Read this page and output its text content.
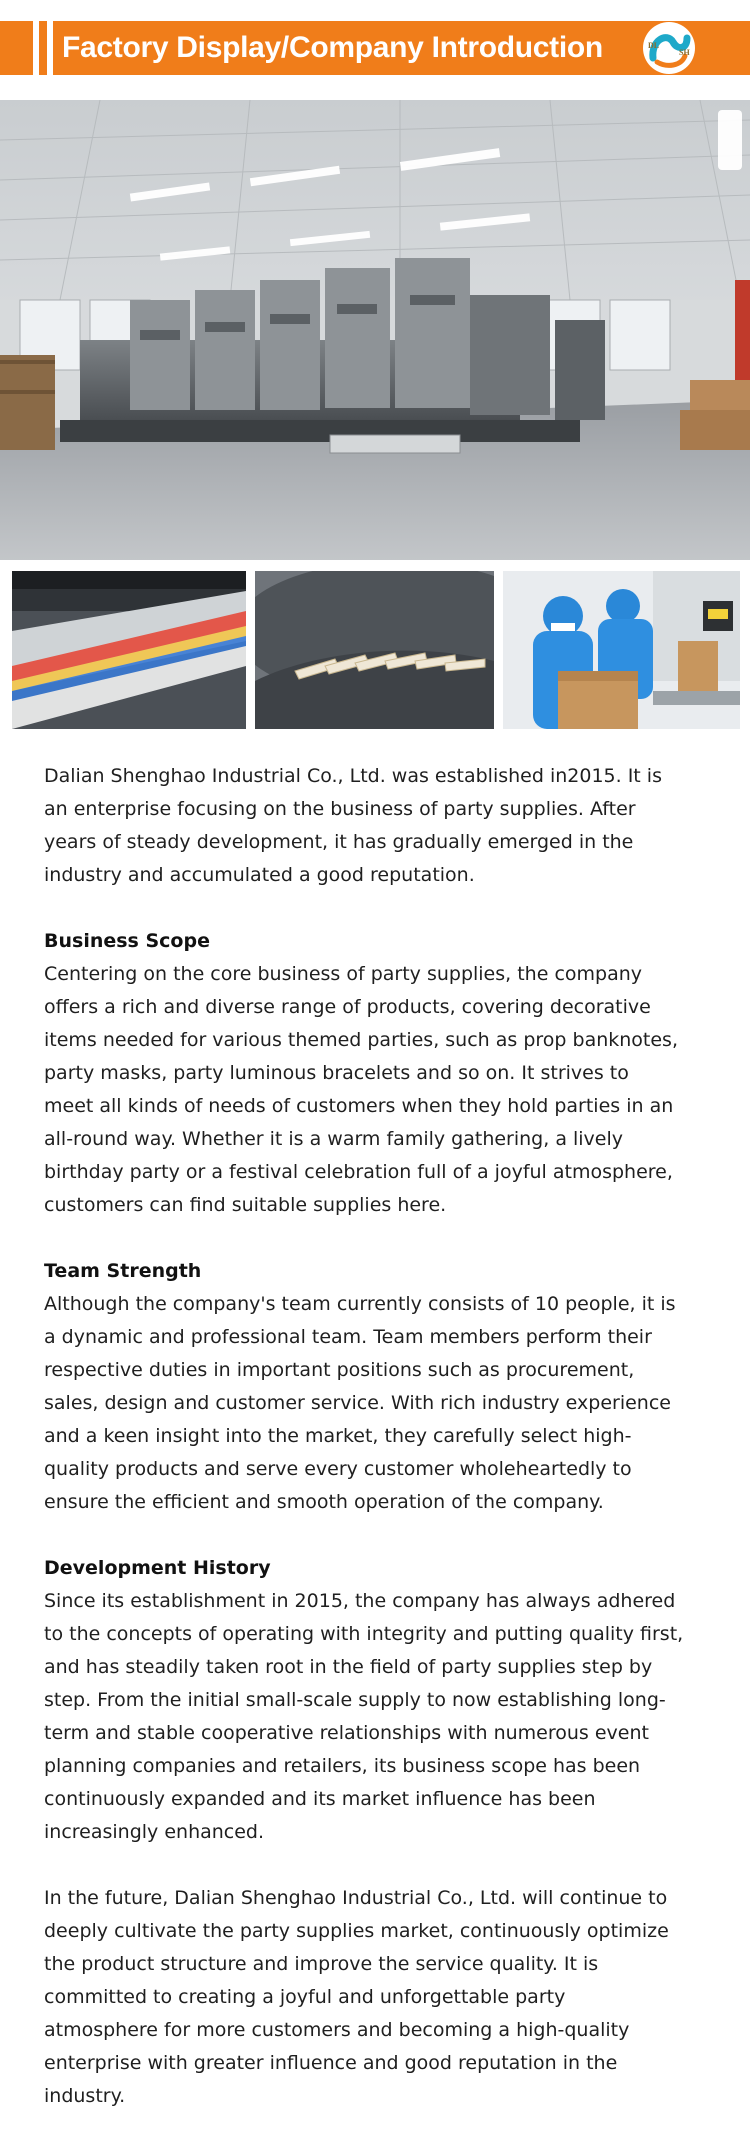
Factory Display/Company Introduction	DL
SH

Dalian Shenghao Industrial Co., Ltd. was established in2015. It is an enterprise focusing on the business of party supplies. After years of steady development, it has gradually emerged in the industry and accumulated a good reputation.

Business Scope

Centering on the core business of party supplies, the company offers a rich and diverse range of products, covering decorative items needed for various themed parties, such as prop banknotes, party masks, party luminous bracelets and so on. It strives to meet all kinds of needs of customers when they hold parties in an all-round way. Whether it is a warm family gathering, a lively birthday party or a festival celebration full of a joyful atmosphere, customers can find suitable supplies here.

Team Strength

Although the company's team currently consists of 10 people, it is a dynamic and professional team. Team members perform their respective duties in important positions such as procurement, sales, design and customer service. With rich industry experience and a keen insight into the market, they carefully select high-quality products and serve every customer wholeheartedly to ensure the efficient and smooth operation of the company.

Development History

Since its establishment in 2015, the company has always adhered to the concepts of operating with integrity and putting quality first, and has steadily taken root in the field of party supplies step by step. From the initial small-scale supply to now establishing long-term and stable cooperative relationships with numerous event planning companies and retailers, its business scope has been continuously expanded and its market influence has been increasingly enhanced.

In the future, Dalian Shenghao Industrial Co., Ltd. will continue to deeply cultivate the party supplies market, continuously optimize the product structure and improve the service quality. It is committed to creating a joyful and unforgettable party atmosphere for more customers and becoming a high-quality enterprise with greater influence and good reputation in the industry.
